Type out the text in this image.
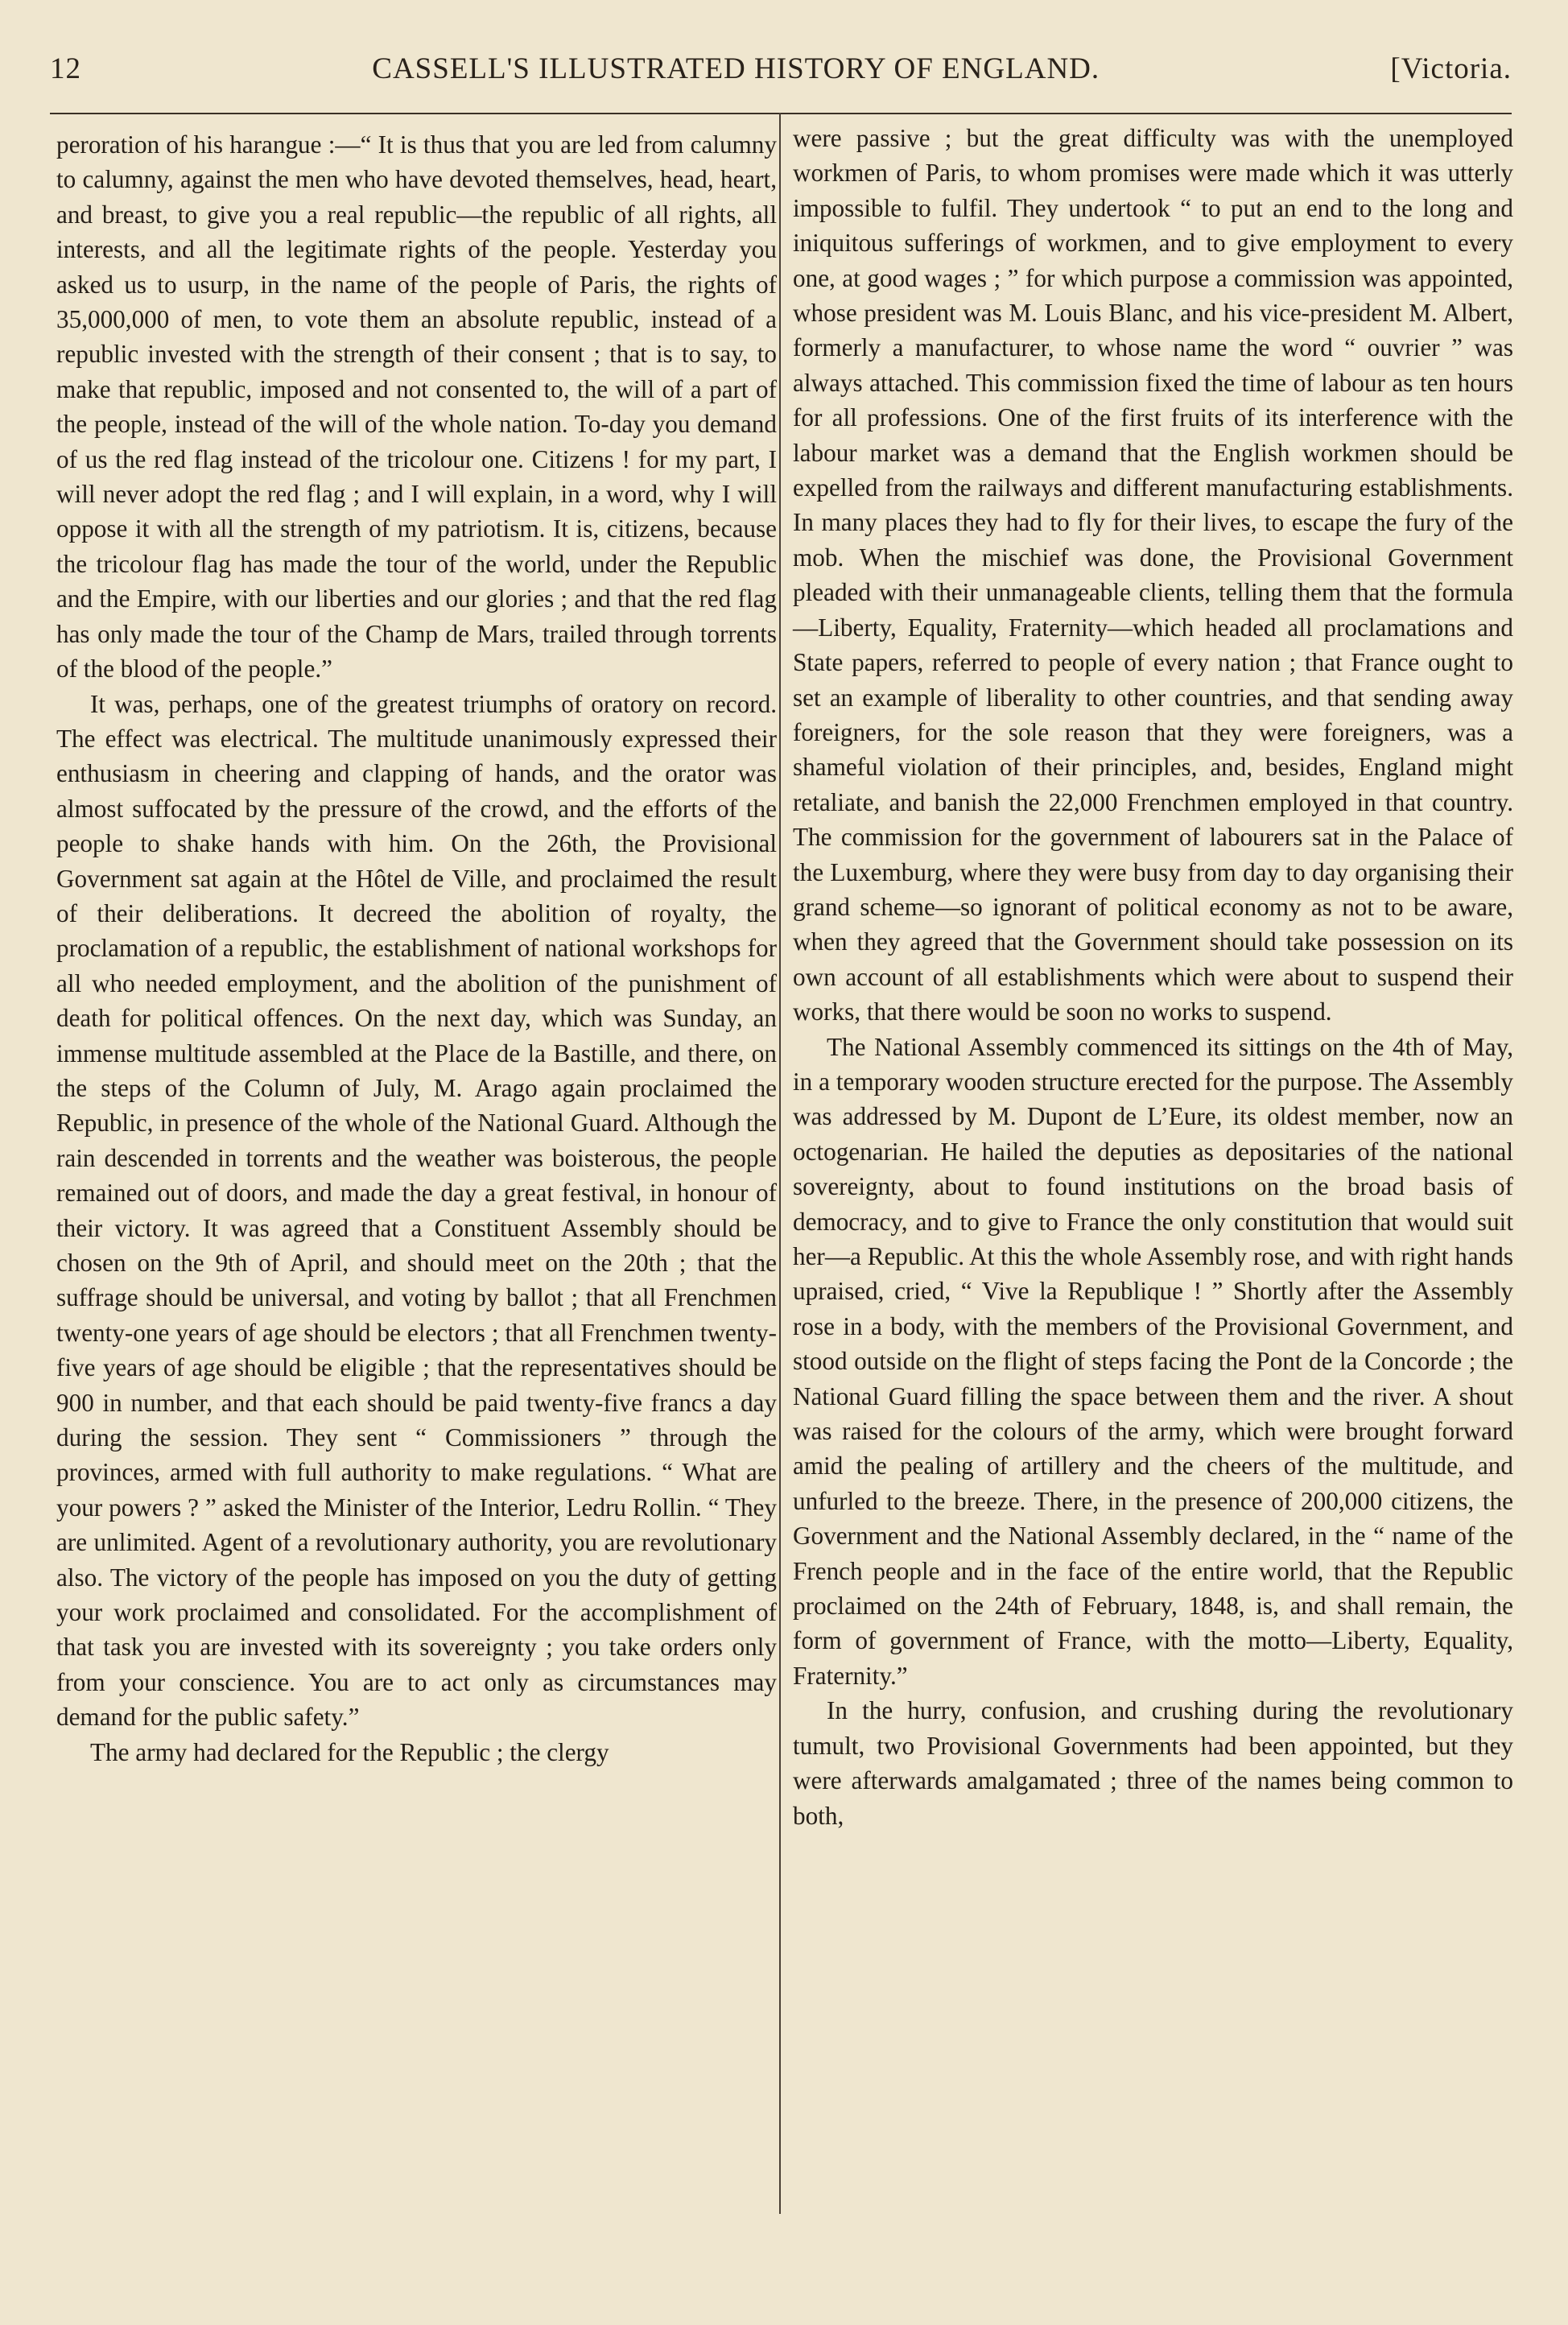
12	CASSELL'S ILLUSTRATED HISTORY OF ENGLAND.	[Victoria.

peroration of his harangue :—“ It is thus that you are led from calumny to calumny, against the men who have devoted themselves, head, heart, and breast, to give you a real republic—the republic of all rights, all interests, and all the legitimate rights of the people. Yesterday you asked us to usurp, in the name of the people of Paris, the rights of 35,000,000 of men, to vote them an absolute republic, instead of a republic invested with the strength of their consent ; that is to say, to make that republic, imposed and not consented to, the will of a part of the people, instead of the will of the whole nation. To-day you demand of us the red flag instead of the tricolour one. Citizens ! for my part, I will never adopt the red flag ; and I will explain, in a word, why I will oppose it with all the strength of my patriotism. It is, citizens, because the tricolour flag has made the tour of the world, under the Republic and the Empire, with our liberties and our glories ; and that the red flag has only made the tour of the Champ de Mars, trailed through torrents of the blood of the people.”

It was, perhaps, one of the greatest triumphs of oratory on record. The effect was electrical. The multitude unanimously expressed their enthusiasm in cheering and clapping of hands, and the orator was almost suffocated by the pressure of the crowd, and the efforts of the people to shake hands with him. On the 26th, the Provisional Government sat again at the Hôtel de Ville, and proclaimed the result of their deliberations. It decreed the abolition of royalty, the proclamation of a republic, the establishment of national workshops for all who needed employment, and the abolition of the punishment of death for political offences. On the next day, which was Sunday, an immense multitude assembled at the Place de la Bastille, and there, on the steps of the Column of July, M. Arago again proclaimed the Republic, in presence of the whole of the National Guard. Although the rain descended in torrents and the weather was boisterous, the people remained out of doors, and made the day a great festival, in honour of their victory. It was agreed that a Constituent Assembly should be chosen on the 9th of April, and should meet on the 20th ; that the suffrage should be universal, and voting by ballot ; that all Frenchmen twenty-one years of age should be electors ; that all Frenchmen twenty-five years of age should be eligible ; that the representatives should be 900 in number, and that each should be paid twenty-five francs a day during the session. They sent “ Commissioners ” through the provinces, armed with full authority to make regulations. “ What are your powers ? ” asked the Minister of the Interior, Ledru Rollin. “ They are unlimited. Agent of a revolutionary authority, you are revolutionary also. The victory of the people has imposed on you the duty of getting your work proclaimed and consolidated. For the accomplishment of that task you are invested with its sovereignty ; you take orders only from your conscience. You are to act only as circumstances may demand for the public safety.”

The army had declared for the Republic ; the clergy

were passive ; but the great difficulty was with the unemployed workmen of Paris, to whom promises were made which it was utterly impossible to fulfil. They undertook “ to put an end to the long and iniquitous sufferings of workmen, and to give employment to every one, at good wages ; ” for which purpose a commission was appointed, whose president was M. Louis Blanc, and his vice-president M. Albert, formerly a manufacturer, to whose name the word “ ouvrier ” was always attached. This commission fixed the time of labour as ten hours for all professions. One of the first fruits of its interference with the labour market was a demand that the English workmen should be expelled from the railways and different manufacturing establishments. In many places they had to fly for their lives, to escape the fury of the mob. When the mischief was done, the Provisional Government pleaded with their unmanageable clients, telling them that the formula—Liberty, Equality, Fraternity—which headed all proclamations and State papers, referred to people of every nation ; that France ought to set an example of liberality to other countries, and that sending away foreigners, for the sole reason that they were foreigners, was a shameful violation of their principles, and, besides, England might retaliate, and banish the 22,000 Frenchmen employed in that country. The commission for the government of labourers sat in the Palace of the Luxemburg, where they were busy from day to day organising their grand scheme—so ignorant of political economy as not to be aware, when they agreed that the Government should take possession on its own account of all establishments which were about to suspend their works, that there would be soon no works to suspend.

The National Assembly commenced its sittings on the 4th of May, in a temporary wooden structure erected for the purpose. The Assembly was addressed by M. Dupont de L’Eure, its oldest member, now an octogenarian. He hailed the deputies as depositaries of the national sovereignty, about to found institutions on the broad basis of democracy, and to give to France the only constitution that would suit her—a Republic. At this the whole Assembly rose, and with right hands upraised, cried, “ Vive la Republique ! ” Shortly after the Assembly rose in a body, with the members of the Provisional Government, and stood outside on the flight of steps facing the Pont de la Concorde ; the National Guard filling the space between them and the river. A shout was raised for the colours of the army, which were brought forward amid the pealing of artillery and the cheers of the multitude, and unfurled to the breeze. There, in the presence of 200,000 citizens, the Government and the National Assembly declared, in the “ name of the French people and in the face of the entire world, that the Republic proclaimed on the 24th of February, 1848, is, and shall remain, the form of government of France, with the motto—Liberty, Equality, Fraternity.”

In the hurry, confusion, and crushing during the revolutionary tumult, two Provisional Governments had been appointed, but they were afterwards amalgamated ; three of the names being common to both,
